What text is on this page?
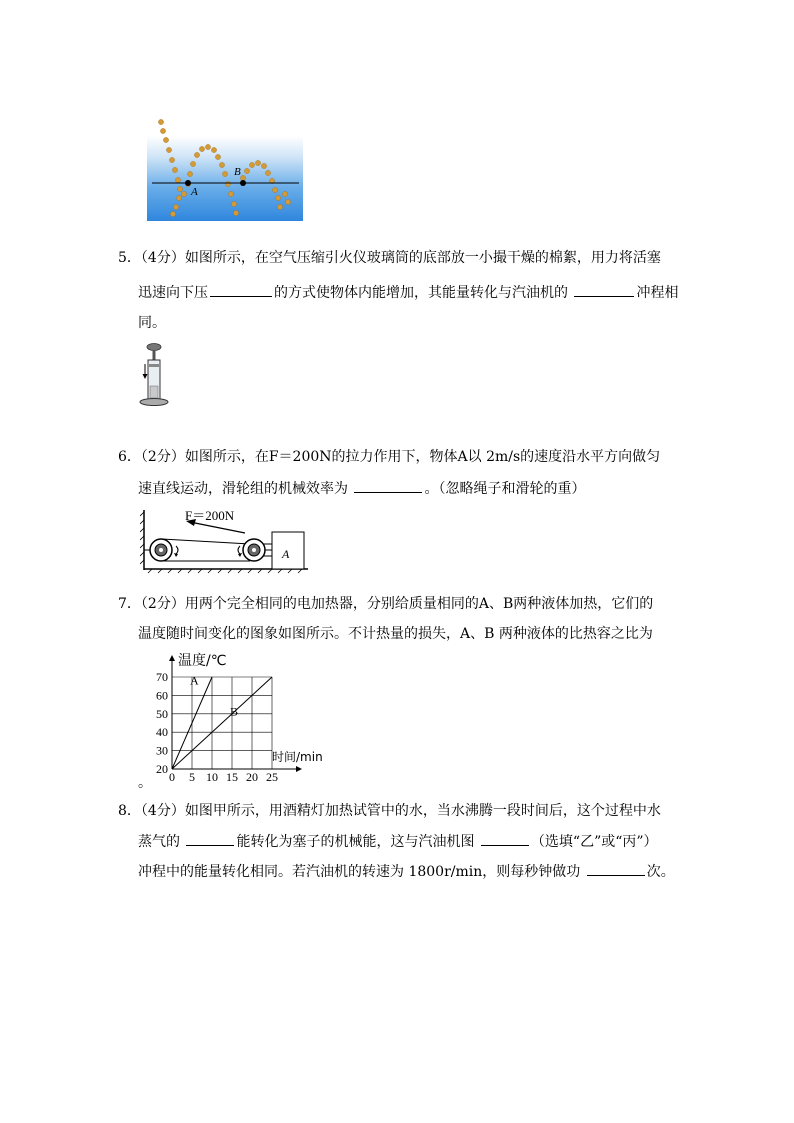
A
B
5．（4分）如图所示，在空气压缩引火仪玻璃筒的底部放一小撮干燥的棉絮，用力将活塞
迅速向下压	的方式使物体内能增加，其能量转化与汽油机的	冲程相
同。
6．（2分）如图所示，在F＝200N的拉力作用下，物体A以 2m/s的速度沿水平方向做匀
速直线运动，滑轮组的机械效率为	。（忽略绳子和滑轮的重）
F＝200N
A
7．（2分）用两个完全相同的电加热器，分别给质量相同的A、B两种液体加热，它们的
温度随时间变化的图象如图所示。不计热量的损失，A、B 两种液体的比热容之比为
A
B
0 5 10 15 20 25
20
30
40
50
60
70
温度/℃
时间/min
。
8．（4分）如图甲所示，用酒精灯加热试管中的水，当水沸腾一段时间后，这个过程中水
蒸气的	能转化为塞子的机械能，这与汽油机图	（选填“乙”或“丙”）
冲程中的能量转化相同。若汽油机的转速为 1800r/min，则每秒钟做功	次。
